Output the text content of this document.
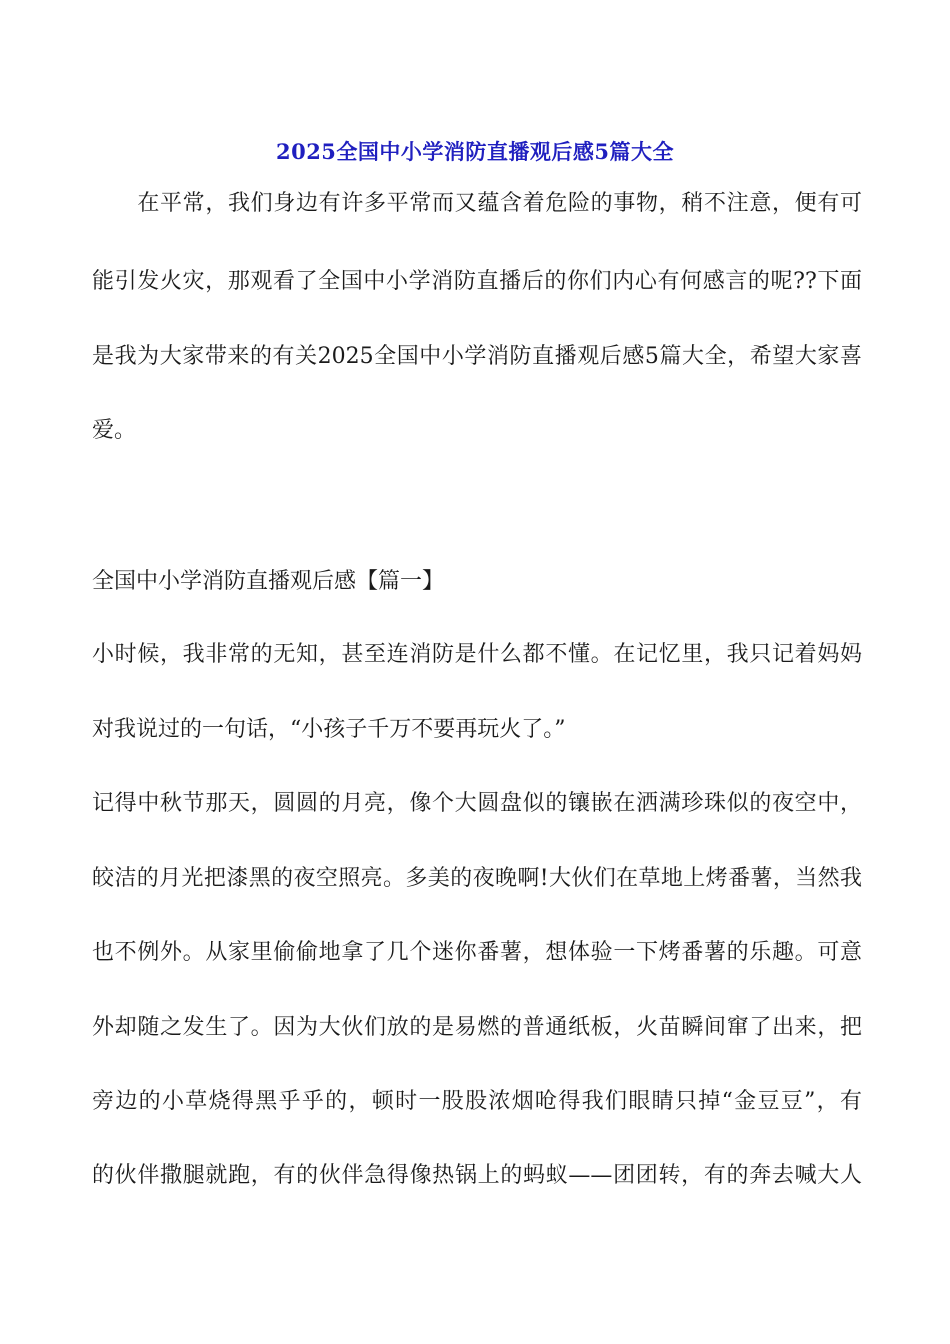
2025全国中小学消防直播观后感5篇大全
　　在平常，我们身边有许多平常而又蕴含着危险的事物，稍不注意，便有可
能引发火灾，那观看了全国中小学消防直播后的你们内心有何感言的呢??下面
是我为大家带来的有关2025全国中小学消防直播观后感5篇大全，希望大家喜
爱。
全国中小学消防直播观后感【篇一】
小时候，我非常的无知，甚至连消防是什么都不懂。在记忆里，我只记着妈妈
对我说过的一句话，“小孩子千万不要再玩火了。”
记得中秋节那天，圆圆的月亮，像个大圆盘似的镶嵌在洒满珍珠似的夜空中，
皎洁的月光把漆黑的夜空照亮。多美的夜晚啊!大伙们在草地上烤番薯，当然我
也不例外。从家里偷偷地拿了几个迷你番薯，想体验一下烤番薯的乐趣。可意
外却随之发生了。因为大伙们放的是易燃的普通纸板，火苗瞬间窜了出来，把
旁边的小草烧得黑乎乎的，顿时一股股浓烟呛得我们眼睛只掉“金豆豆”，有
的伙伴撒腿就跑，有的伙伴急得像热锅上的蚂蚁——团团转，有的奔去喊大人
